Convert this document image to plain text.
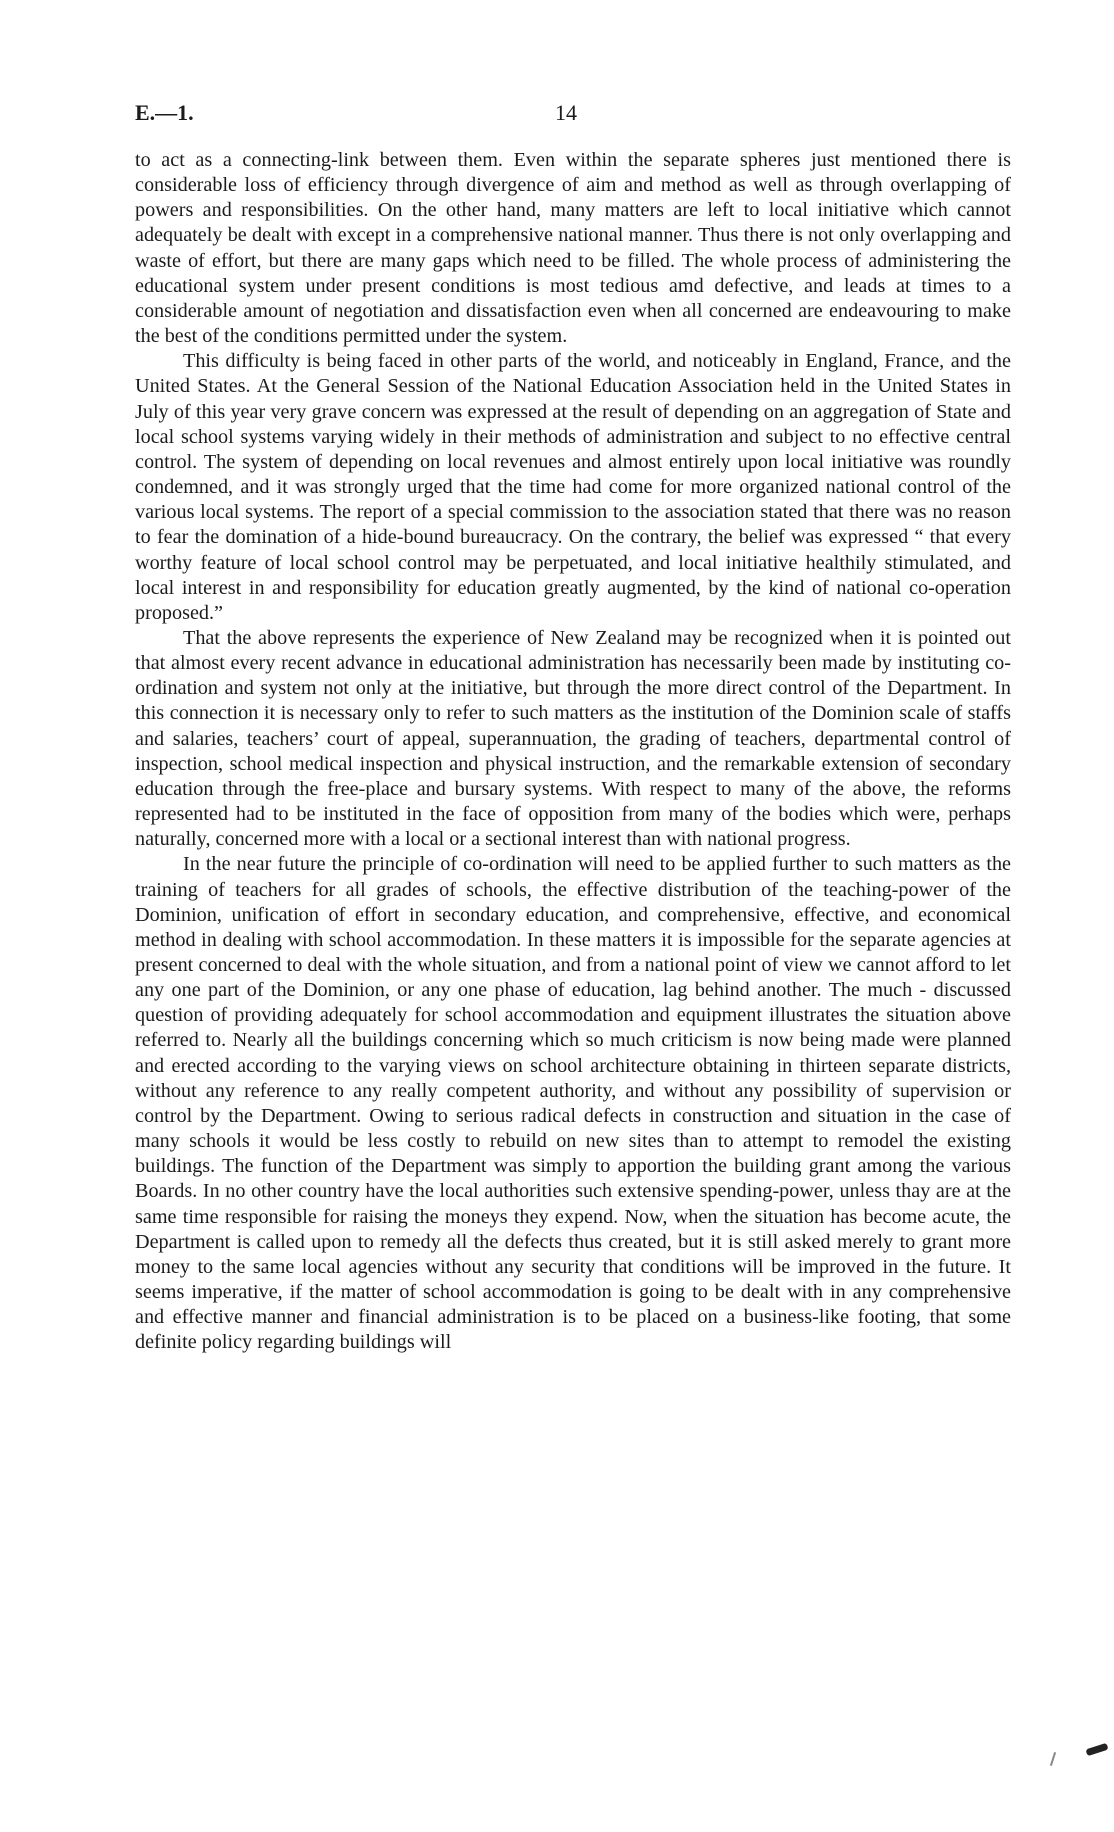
E.—1.	14

to act as a connecting-link between them. Even within the separate spheres just mentioned there is considerable loss of efficiency through divergence of aim and method as well as through overlapping of powers and responsibilities. On the other hand, many matters are left to local initiative which cannot adequately be dealt with except in a comprehensive national manner. Thus there is not only overlapping and waste of effort, but there are many gaps which need to be filled. The whole process of administering the educational system under present conditions is most tedious amd defective, and leads at times to a considerable amount of negotiation and dissatisfaction even when all concerned are endeavouring to make the best of the conditions permitted under the system.

This difficulty is being faced in other parts of the world, and noticeably in England, France, and the United States. At the General Session of the National Education Association held in the United States in July of this year very grave concern was expressed at the result of depending on an aggregation of State and local school systems varying widely in their methods of administration and subject to no effective central control. The system of depending on local revenues and almost entirely upon local initiative was roundly condemned, and it was strongly urged that the time had come for more organized national control of the various local systems. The report of a special commission to the association stated that there was no reason to fear the domination of a hide-bound bureaucracy. On the contrary, the belief was expressed “ that every worthy feature of local school control may be perpetuated, and local initiative healthily stimulated, and local interest in and responsibility for education greatly augmented, by the kind of national co-operation proposed.”

That the above represents the experience of New Zealand may be recognized when it is pointed out that almost every recent advance in educational administration has necessarily been made by instituting co-ordination and system not only at the initiative, but through the more direct control of the Department. In this connection it is necessary only to refer to such matters as the institution of the Dominion scale of staffs and salaries, teachers’ court of appeal, superannuation, the grading of teachers, departmental control of inspection, school medical inspection and physical instruction, and the remarkable extension of secondary education through the free-place and bursary systems. With respect to many of the above, the reforms represented had to be instituted in the face of opposition from many of the bodies which were, perhaps naturally, concerned more with a local or a sectional interest than with national progress.

In the near future the principle of co-ordination will need to be applied further to such matters as the training of teachers for all grades of schools, the effective distribution of the teaching-power of the Dominion, unification of effort in secondary education, and comprehensive, effective, and economical method in dealing with school accommodation. In these matters it is impossible for the separate agencies at present concerned to deal with the whole situation, and from a national point of view we cannot afford to let any one part of the Dominion, or any one phase of education, lag behind another. The much - discussed question of providing adequately for school accommodation and equipment illustrates the situation above referred to. Nearly all the buildings concerning which so much criticism is now being made were planned and erected according to the varying views on school architecture obtaining in thirteen separate districts, without any reference to any really competent authority, and without any possibility of supervision or control by the Department. Owing to serious radical defects in construction and situation in the case of many schools it would be less costly to rebuild on new sites than to attempt to remodel the existing buildings. The function of the Department was simply to apportion the building grant among the various Boards. In no other country have the local authorities such extensive spending-power, unless thay are at the same time responsible for raising the moneys they expend. Now, when the situation has become acute, the Department is called upon to remedy all the defects thus created, but it is still asked merely to grant more money to the same local agencies without any security that conditions will be improved in the future. It seems imperative, if the matter of school accommodation is going to be dealt with in any comprehensive and effective manner and financial administration is to be placed on a business-like footing, that some definite policy regarding buildings will
